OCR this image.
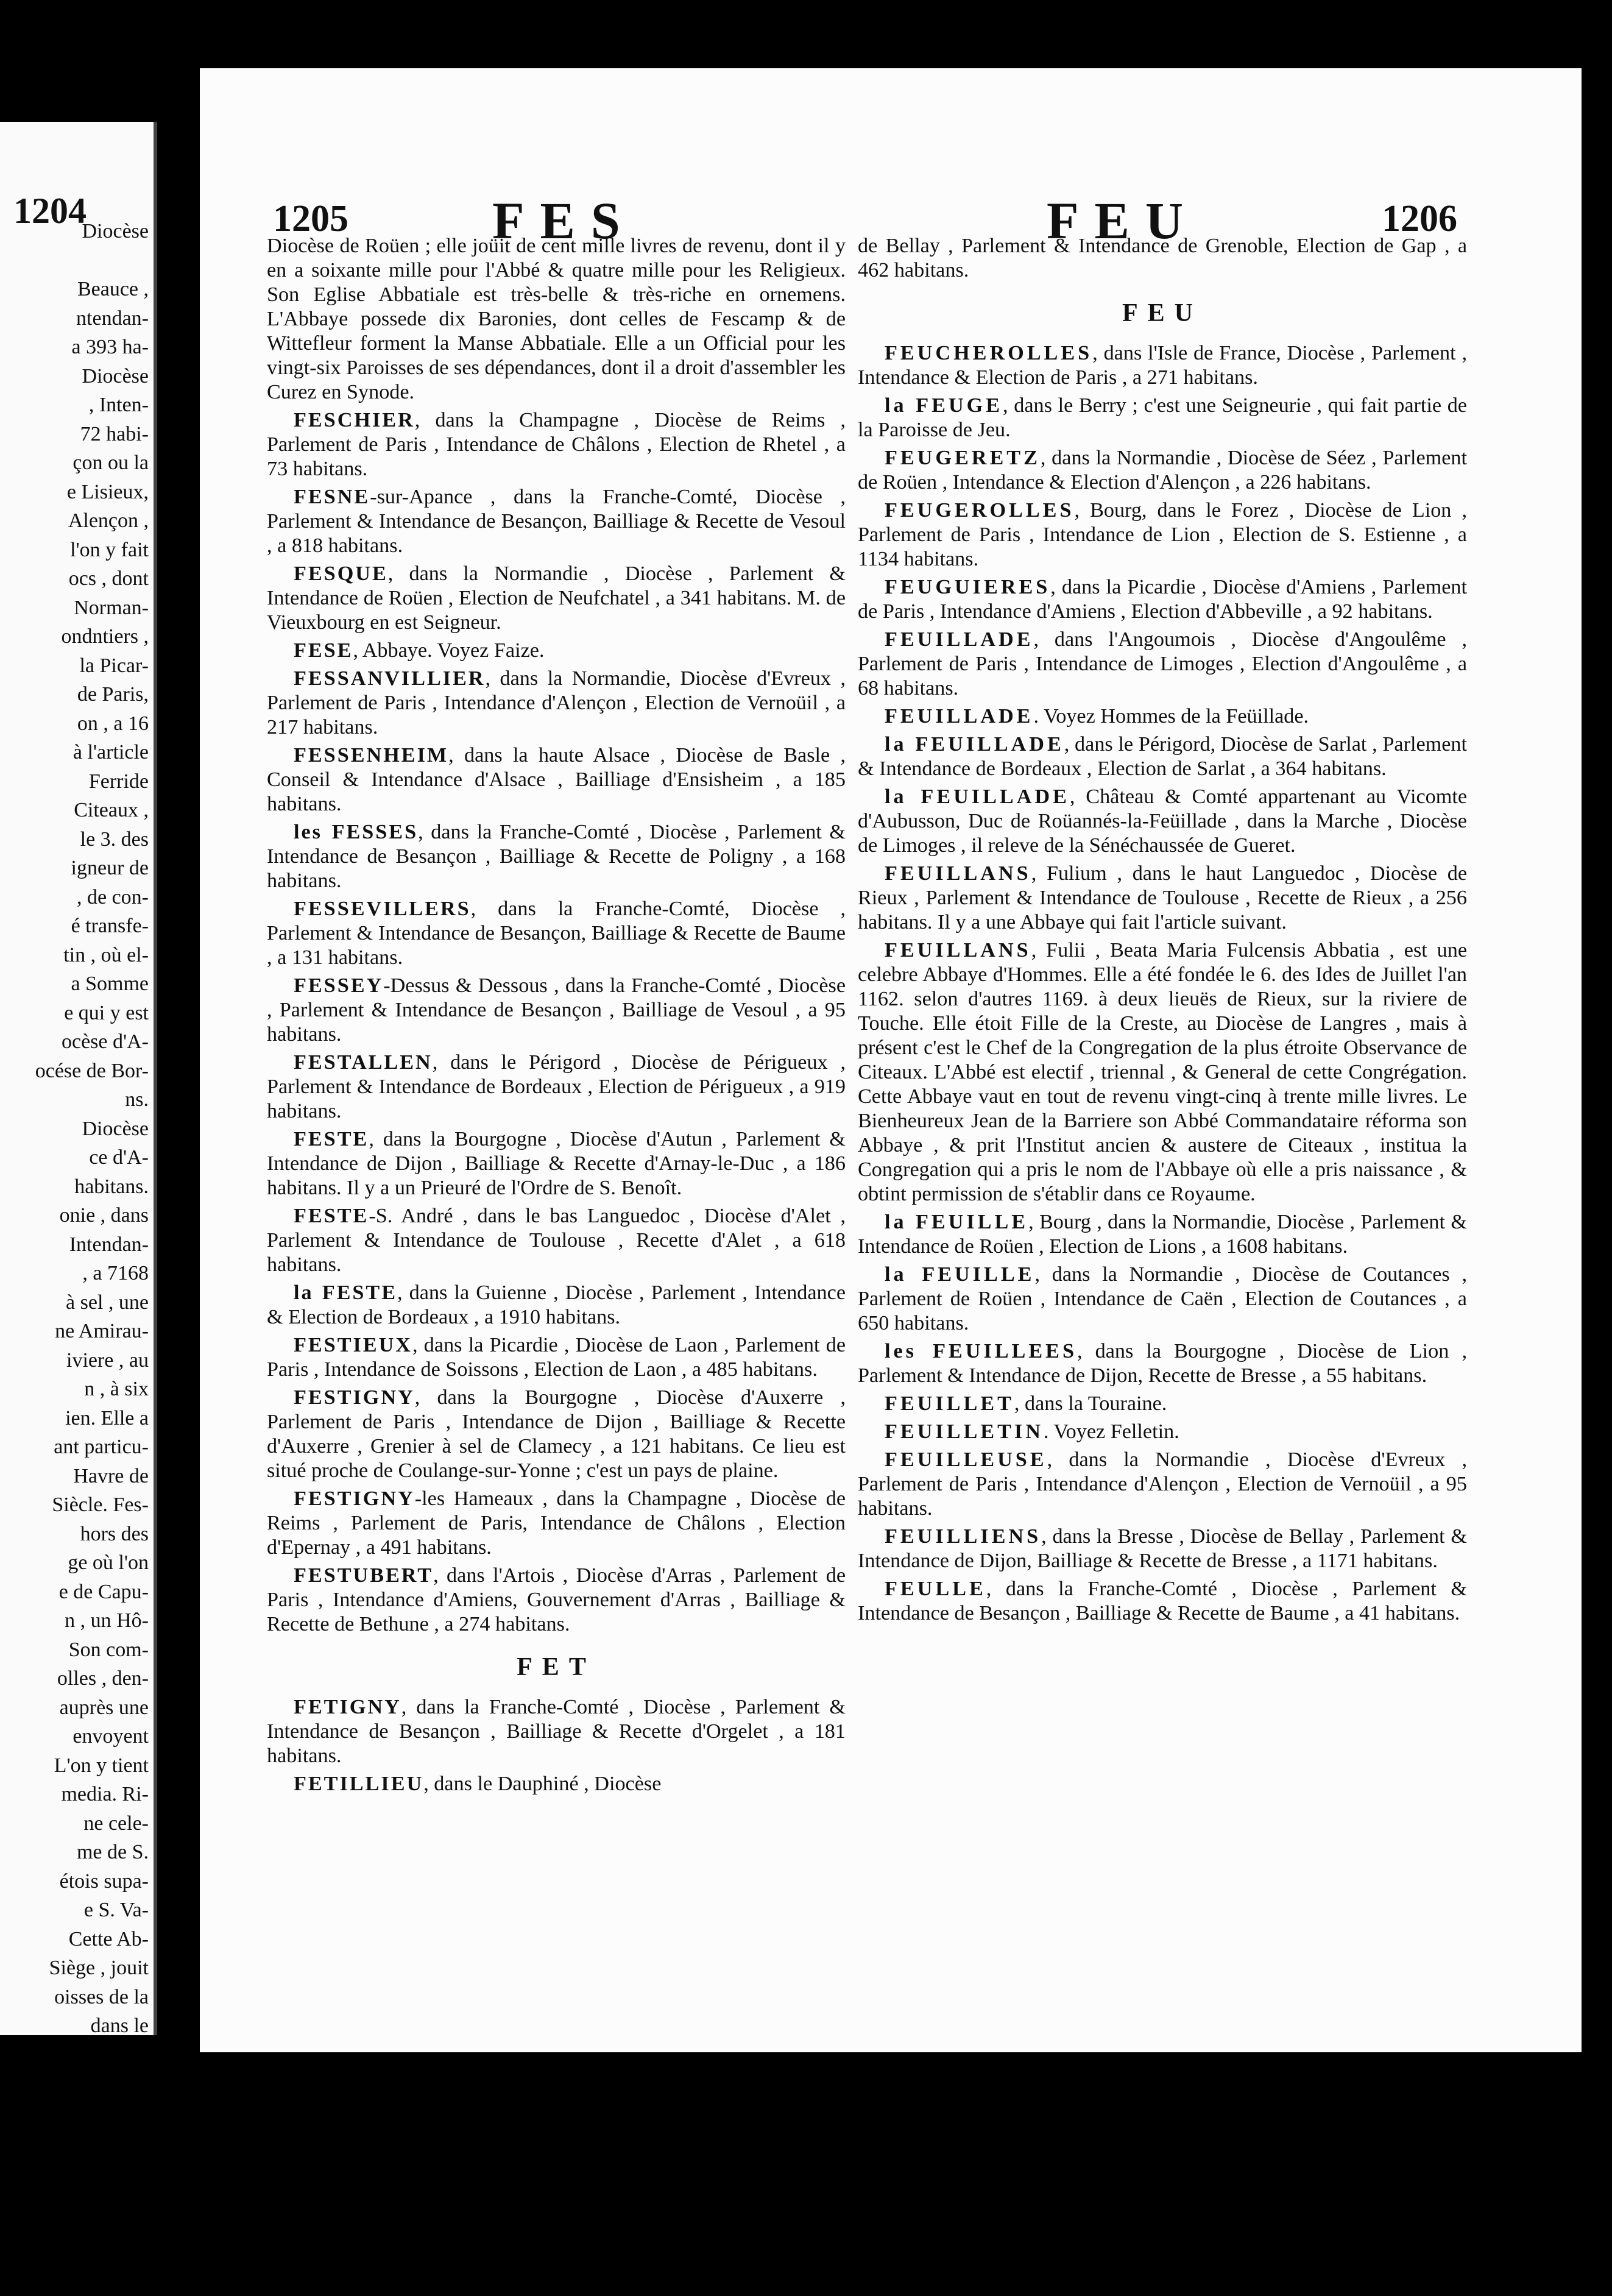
1204
Diocèse
Beauce ,
ntendan-
a 393 ha-
Diocèse
, Inten-
72 habi-
çon ou la
e Lisieux,
Alençon ,
l'on y fait
ocs , dont
Norman-
ondntiers ,
la Picar-
de Paris,
on , a 16
à l'article
Ferride
Citeaux ,
le 3. des
igneur de
, de con-
é transfe-
tin , où el-
a Somme
e qui y est
ocèse d'A-
océse de Bor-
ns.
Diocèse
ce d'A-
habitans.
onie , dans
Intendan-
, a 7168
à sel , une
ne Amirau-
iviere , au
n , à six
ien. Elle a
ant particu-
Havre de
Siècle. Fes-
hors des
ge où l'on
e de Capu-
n , un Hô-
Son com-
olles , den-
auprès une
envoyent
L'on y tient
media. Ri-
ne cele-
me de S.
étois supa-
e S. Va-
Cette Ab-
Siège , jouit
oisses de la
dans le
1205	FES	FEU	1206

Diocèse de Roüen ; elle joüit de cent mille livres de revenu, dont il y en a soixante mille pour l'Abbé & quatre mille pour les Religieux. Son Eglise Abbatiale est très-belle & très-riche en ornemens. L'Abbaye possede dix Baronies, dont celles de Fescamp & de Wittefleur forment la Manse Abbatiale. Elle a un Official pour les vingt-six Paroisses de ses dépendances, dont il a droit d'assembler les Curez en Synode.

FESCHIER, dans la Champagne , Diocèse de Reims , Parlement de Paris , Intendance de Châlons , Election de Rhetel , a 73 habitans.

FESNE-sur-Apance , dans la Franche-Comté, Diocèse , Parlement & Intendance de Besançon, Bailliage & Recette de Vesoul , a 818 habitans.

FESQUE, dans la Normandie , Diocèse , Parlement & Intendance de Roüen , Election de Neufchatel , a 341 habitans. M. de Vieuxbourg en est Seigneur.

FESE, Abbaye. Voyez Faize.

FESSANVILLIER, dans la Normandie, Diocèse d'Evreux , Parlement de Paris , Intendance d'Alençon , Election de Vernoüil , a 217 habitans.

FESSENHEIM, dans la haute Alsace , Diocèse de Basle , Conseil & Intendance d'Alsace , Bailliage d'Ensisheim , a 185 habitans.

les FESSES, dans la Franche-Comté , Diocèse , Parlement & Intendance de Besançon , Bailliage & Recette de Poligny , a 168 habitans.

FESSEVILLERS, dans la Franche-Comté, Diocèse , Parlement & Intendance de Besançon, Bailliage & Recette de Baume , a 131 habitans.

FESSEY-Dessus & Dessous , dans la Franche-Comté , Diocèse , Parlement & Intendance de Besançon , Bailliage de Vesoul , a 95 habitans.

FESTALLEN, dans le Périgord , Diocèse de Périgueux , Parlement & Intendance de Bordeaux , Election de Périgueux , a 919 habitans.

FESTE, dans la Bourgogne , Diocèse d'Autun , Parlement & Intendance de Dijon , Bailliage & Recette d'Arnay-le-Duc , a 186 habitans. Il y a un Prieuré de l'Ordre de S. Benoît.

FESTE-S. André , dans le bas Languedoc , Diocèse d'Alet , Parlement & Intendance de Toulouse , Recette d'Alet , a 618 habitans.

la FESTE, dans la Guienne , Diocèse , Parlement , Intendance & Election de Bordeaux , a 1910 habitans.

FESTIEUX, dans la Picardie , Diocèse de Laon , Parlement de Paris , Intendance de Soissons , Election de Laon , a 485 habitans.

FESTIGNY, dans la Bourgogne , Diocèse d'Auxerre , Parlement de Paris , Intendance de Dijon , Bailliage & Recette d'Auxerre , Grenier à sel de Clamecy , a 121 habitans. Ce lieu est situé proche de Coulange-sur-Yonne ; c'est un pays de plaine.

FESTIGNY-les Hameaux , dans la Champagne , Diocèse de Reims , Parlement de Paris, Intendance de Châlons , Election d'Epernay , a 491 habitans.

FESTUBERT, dans l'Artois , Diocèse d'Arras , Parlement de Paris , Intendance d'Amiens, Gouvernement d'Arras , Bailliage & Recette de Bethune , a 274 habitans.

FET

FETIGNY, dans la Franche-Comté , Diocèse , Parlement & Intendance de Besançon , Bailliage & Recette d'Orgelet , a 181 habitans.

FETILLIEU, dans le Dauphiné , Diocèse

de Bellay , Parlement & Intendance de Grenoble, Election de Gap , a 462 habitans.

FEU

FEUCHEROLLES, dans l'Isle de France, Diocèse , Parlement , Intendance & Election de Paris , a 271 habitans.

la FEUGE, dans le Berry ; c'est une Seigneurie , qui fait partie de la Paroisse de Jeu.

FEUGERETZ, dans la Normandie , Diocèse de Séez , Parlement de Roüen , Intendance & Election d'Alençon , a 226 habitans.

FEUGEROLLES, Bourg, dans le Forez , Diocèse de Lion , Parlement de Paris , Intendance de Lion , Election de S. Estienne , a 1134 habitans.

FEUGUIERES, dans la Picardie , Diocèse d'Amiens , Parlement de Paris , Intendance d'Amiens , Election d'Abbeville , a 92 habitans.

FEUILLADE, dans l'Angoumois , Diocèse d'Angoulême , Parlement de Paris , Intendance de Limoges , Election d'Angoulême , a 68 habitans.

FEUILLADE. Voyez Hommes de la Feüillade.

la FEUILLADE, dans le Périgord, Diocèse de Sarlat , Parlement & Intendance de Bordeaux , Election de Sarlat , a 364 habitans.

la FEUILLADE, Château & Comté appartenant au Vicomte d'Aubusson, Duc de Roüannés-la-Feüillade , dans la Marche , Diocèse de Limoges , il releve de la Sénéchaussée de Gueret.

FEUILLANS, Fulium , dans le haut Languedoc , Diocèse de Rieux , Parlement & Intendance de Toulouse , Recette de Rieux , a 256 habitans. Il y a une Abbaye qui fait l'article suivant.

FEUILLANS, Fulii , Beata Maria Fulcensis Abbatia , est une celebre Abbaye d'Hommes. Elle a été fondée le 6. des Ides de Juillet l'an 1162. selon d'autres 1169. à deux lieuës de Rieux, sur la riviere de Touche. Elle étoit Fille de la Creste, au Diocèse de Langres , mais à présent c'est le Chef de la Congregation de la plus étroite Observance de Citeaux. L'Abbé est electif , triennal , & General de cette Congrégation. Cette Abbaye vaut en tout de revenu vingt-cinq à trente mille livres. Le Bienheureux Jean de la Barriere son Abbé Commandataire réforma son Abbaye , & prit l'Institut ancien & austere de Citeaux , institua la Congregation qui a pris le nom de l'Abbaye où elle a pris naissance , & obtint permission de s'établir dans ce Royaume.

la FEUILLE, Bourg , dans la Normandie, Diocèse , Parlement & Intendance de Roüen , Election de Lions , a 1608 habitans.

la FEUILLE, dans la Normandie , Diocèse de Coutances , Parlement de Roüen , Intendance de Caën , Election de Coutances , a 650 habitans.

les FEUILLEES, dans la Bourgogne , Diocèse de Lion , Parlement & Intendance de Dijon, Recette de Bresse , a 55 habitans.

FEUILLET, dans la Touraine.

FEUILLETIN. Voyez Felletin.

FEUILLEUSE, dans la Normandie , Diocèse d'Evreux , Parlement de Paris , Intendance d'Alençon , Election de Vernoüil , a 95 habitans.

FEUILLIENS, dans la Bresse , Diocèse de Bellay , Parlement & Intendance de Dijon, Bailliage & Recette de Bresse , a 1171 habitans.

FEULLE, dans la Franche-Comté , Diocèse , Parlement & Intendance de Besançon , Bailliage & Recette de Baume , a 41 habitans.
